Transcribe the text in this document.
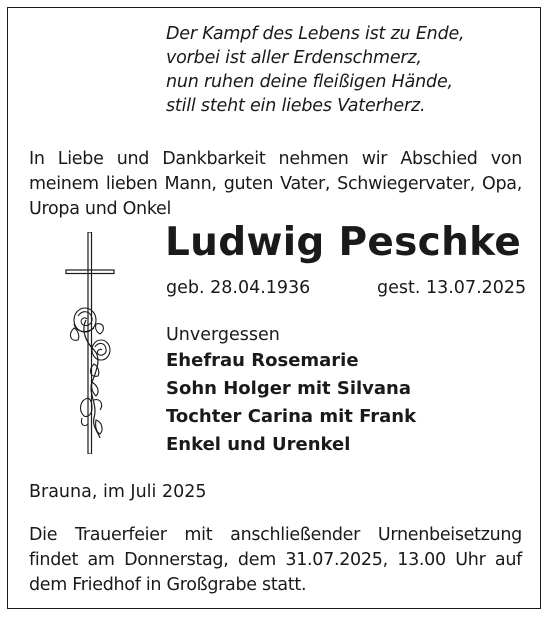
Der Kampf des Lebens ist zu Ende,
vorbei ist aller Erdenschmerz,
nun ruhen deine fleißigen Hände,
still steht ein liebes Vaterherz.
In Liebe und Dankbarkeit nehmen wir Abschied von meinem lieben Mann, guten Vater, Schwiegervater, Opa, Uropa und Onkel
Ludwig Peschke
geb. 28.04.1936	gest. 13.07.2025
Unvergessen
Ehefrau Rosemarie
Sohn Holger mit Silvana
Tochter Carina mit Frank
Enkel und Urenkel
Brauna, im Juli 2025
Die Trauerfeier mit anschließender Urnenbeisetzung findet am Donnerstag, dem 31.07.2025, 13.00 Uhr auf dem Friedhof in Großgrabe statt.
